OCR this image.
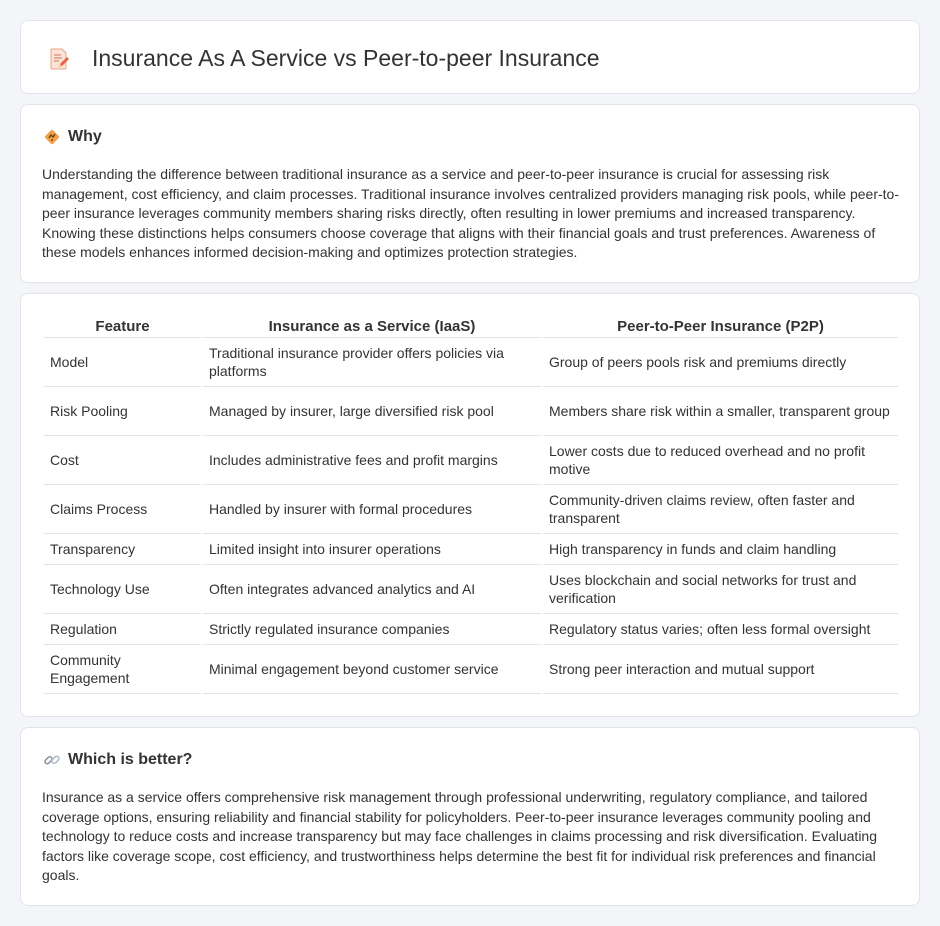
Insurance As A Service vs Peer-to-peer Insurance
Why

Understanding the difference between traditional insurance as a service and peer-to-peer insurance is crucial for assessing risk management, cost efficiency, and claim processes. Traditional insurance involves centralized providers managing risk pools, while peer-to-peer insurance leverages community members sharing risks directly, often resulting in lower premiums and increased transparency. Knowing these distinctions helps consumers choose coverage that aligns with their financial goals and trust preferences. Awareness of these models enhances informed decision-making and optimizes protection strategies.

Feature	Insurance as a Service (IaaS)	Peer-to-Peer Insurance (P2P)
Model	Traditional insurance provider offers policies via platforms	Group of peers pools risk and premiums directly
Risk Pooling	Managed by insurer, large diversified risk pool	Members share risk within a smaller, transparent group
Cost	Includes administrative fees and profit margins	Lower costs due to reduced overhead and no profit motive
Claims Process	Handled by insurer with formal procedures	Community-driven claims review, often faster and transparent
Transparency	Limited insight into insurer operations	High transparency in funds and claim handling
Technology Use	Often integrates advanced analytics and AI	Uses blockchain and social networks for trust and verification
Regulation	Strictly regulated insurance companies	Regulatory status varies; often less formal oversight
Community Engagement	Minimal engagement beyond customer service	Strong peer interaction and mutual support
Which is better?

Insurance as a service offers comprehensive risk management through professional underwriting, regulatory compliance, and tailored coverage options, ensuring reliability and financial stability for policyholders. Peer-to-peer insurance leverages community pooling and technology to reduce costs and increase transparency but may face challenges in claims processing and risk diversification. Evaluating factors like coverage scope, cost efficiency, and trustworthiness helps determine the best fit for individual risk preferences and financial goals.
